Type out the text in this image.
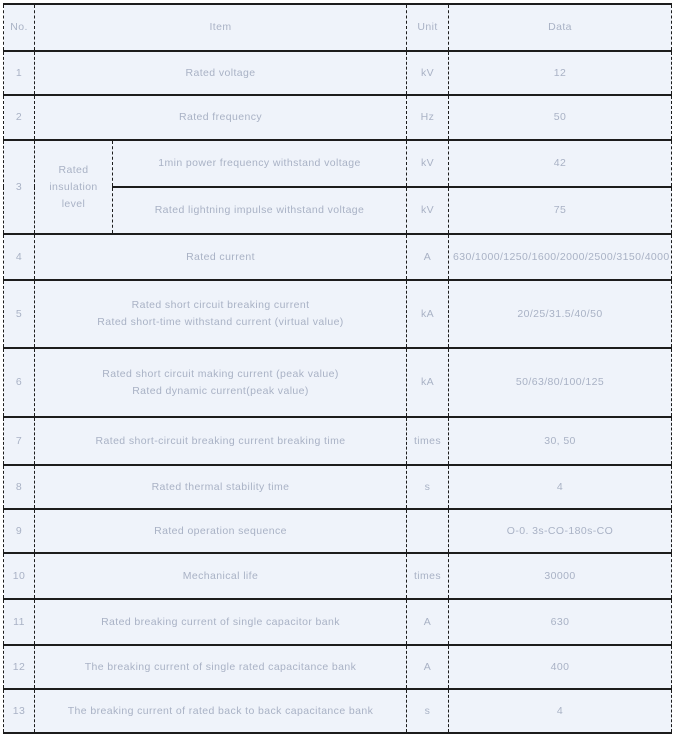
No.	Item		Unit	Data
1	Rated voltage		kV	12
2	Rated frequency		Hz	50
3	Rated insulation level	1min power frequency withstand voltage	kV	42
		Rated lightning impulse withstand voltage	kV	75
4	Rated current		A	630/1000/1250/1600/2000/2500/3150/4000
5	Rated short circuit breaking current
Rated short-time withstand current (virtual value)		kA	20/25/31.5/40/50
6	Rated short circuit making current (peak value)
Rated dynamic current(peak value)		kA	50/63/80/100/125
7	Rated short-circuit breaking current breaking time		times	30, 50
8	Rated thermal stability time		s	4
9	Rated operation sequence			O-0. 3s-CO-180s-CO
10	Mechanical life		times	30000
11	Rated breaking current of single capacitor bank		A	630
12	The breaking current of single rated capacitance bank		A	400
13	The breaking current of rated back to back capacitance bank		s	4
